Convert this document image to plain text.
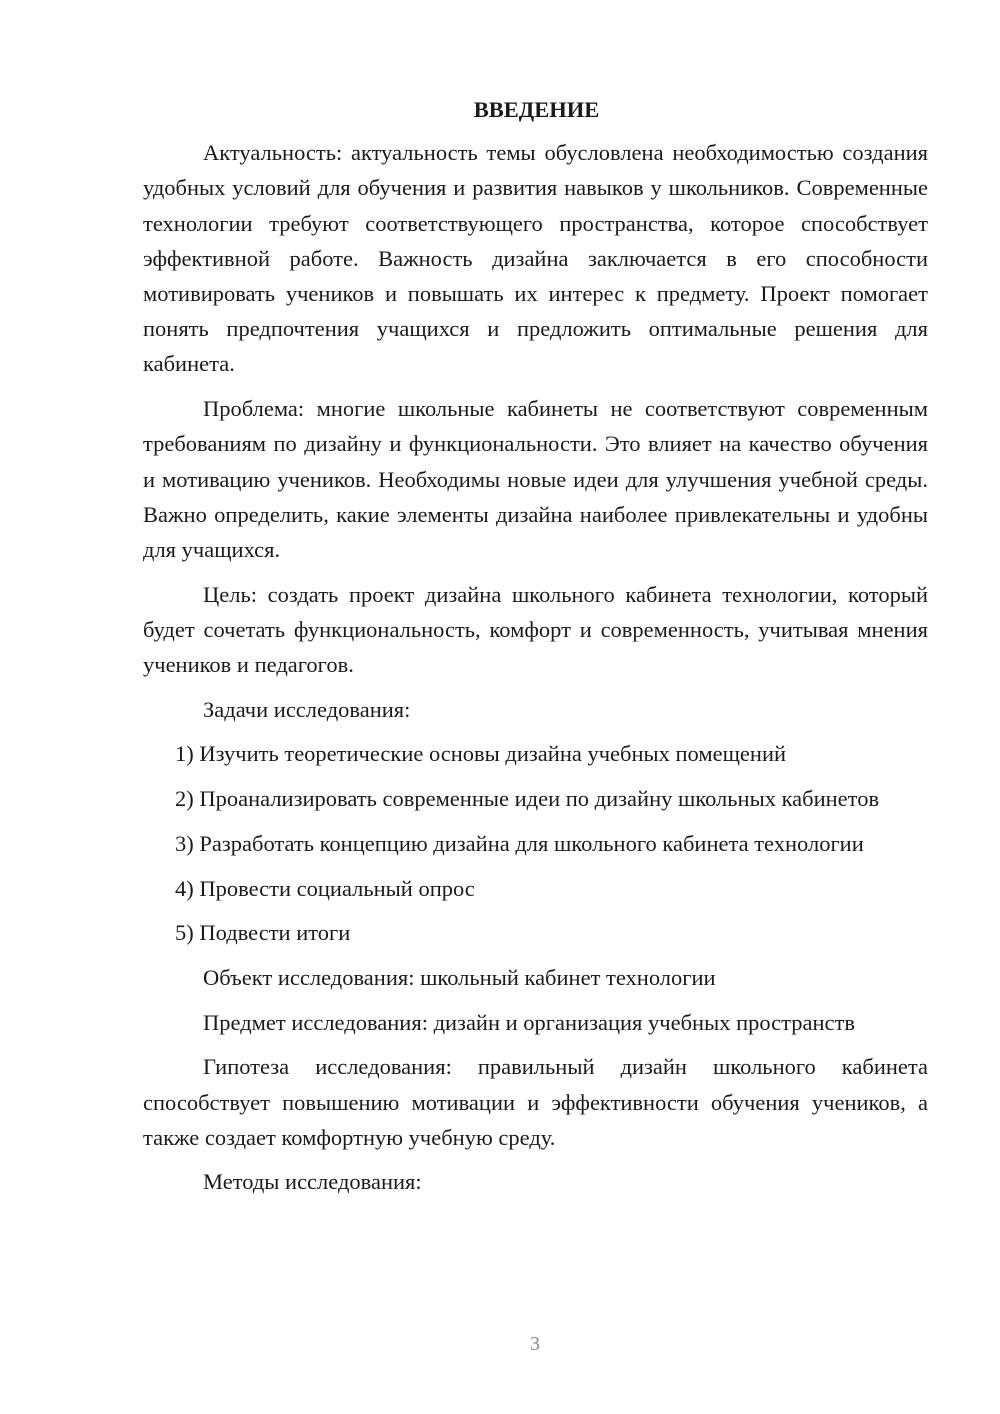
ВВЕДЕНИЕ

Актуальность: актуальность темы обусловлена необходимостью создания удобных условий для обучения и развития навыков у школьников. Современные технологии требуют соответствующего пространства, которое способствует эффективной работе. Важность дизайна заключается в его способности мотивировать учеников и повышать их интерес к предмету. Проект помогает понять предпочтения учащихся и предложить оптимальные решения для кабинета.

Проблема: многие школьные кабинеты не соответствуют современным требованиям по дизайну и функциональности. Это влияет на качество обучения и мотивацию учеников. Необходимы новые идеи для улучшения учебной среды. Важно определить, какие элементы дизайна наиболее привлекательны и удобны для учащихся.

Цель: создать проект дизайна школьного кабинета технологии, который будет сочетать функциональность, комфорт и современность, учитывая мнения учеников и педагогов.

Задачи исследования:

1) Изучить теоретические основы дизайна учебных помещений

2) Проанализировать современные идеи по дизайну школьных кабинетов

3) Разработать концепцию дизайна для школьного кабинета технологии

4) Провести социальный опрос

5) Подвести итоги

Объект исследования: школьный кабинет технологии

Предмет исследования: дизайн и организация учебных пространств

Гипотеза исследования: правильный дизайн школьного кабинета способствует повышению мотивации и эффективности обучения учеников, а также создает комфортную учебную среду.

Методы исследования:

3
